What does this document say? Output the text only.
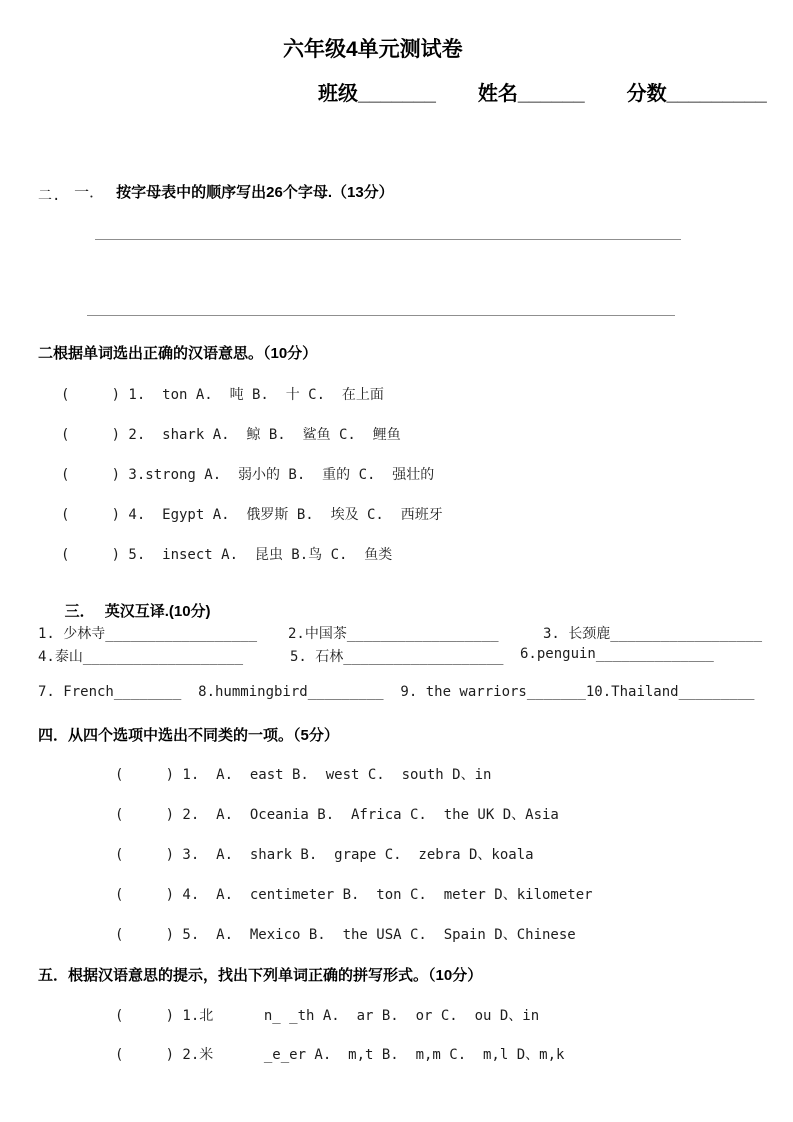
六年级4单元测试卷
班级_______ 姓名______ 分数_________

一． 按字母表中的顺序写出26个字母.（13分）

二.
二根据单词选出正确的汉语意思。（10分）
(     ) 1.  ton A.  吨 B.  十 C.  在上面
(     ) 2.  shark A.  鲸 B.  鲨鱼 C.  鲤鱼
(     ) 3.strong A.  弱小的 B.  重的 C.  强壮的
(     ) 4.  Egypt A.  俄罗斯 B.  埃及 C.  西班牙
(     ) 5.  insect A.  昆虫 B.鸟 C.  鱼类

三． 英汉互译.(10分)

1. 少林寺__________________ 2.中国茶__________________	3. 长颈鹿__________________
4.泰山___________________	5. 石林___________________ 6.penguin______________
7. French________  8.hummingbird_________  9. the warriors_______10.Thailand_________
四．从四个选项中选出不同类的一项。（5分）
(     ) 1.  A.  east B.  west C.  south D、in
(     ) 2.  A.  Oceania B.  Africa C.  the UK D、Asia
(     ) 3.  A.  shark B.  grape C.  zebra D、koala
(     ) 4.  A.  centimeter B.  ton C.  meter D、kilometer
(     ) 5.  A.  Mexico B.  the USA C.  Spain D、Chinese
五．根据汉语意思的提示，找出下列单词正确的拼写形式。（10分）
(     ) 1.北      n_ _th A.  ar B.  or C.  ou D、in
(     ) 2.米      _e_er A.  m,t B.  m,m C.  m,l D、m,k
